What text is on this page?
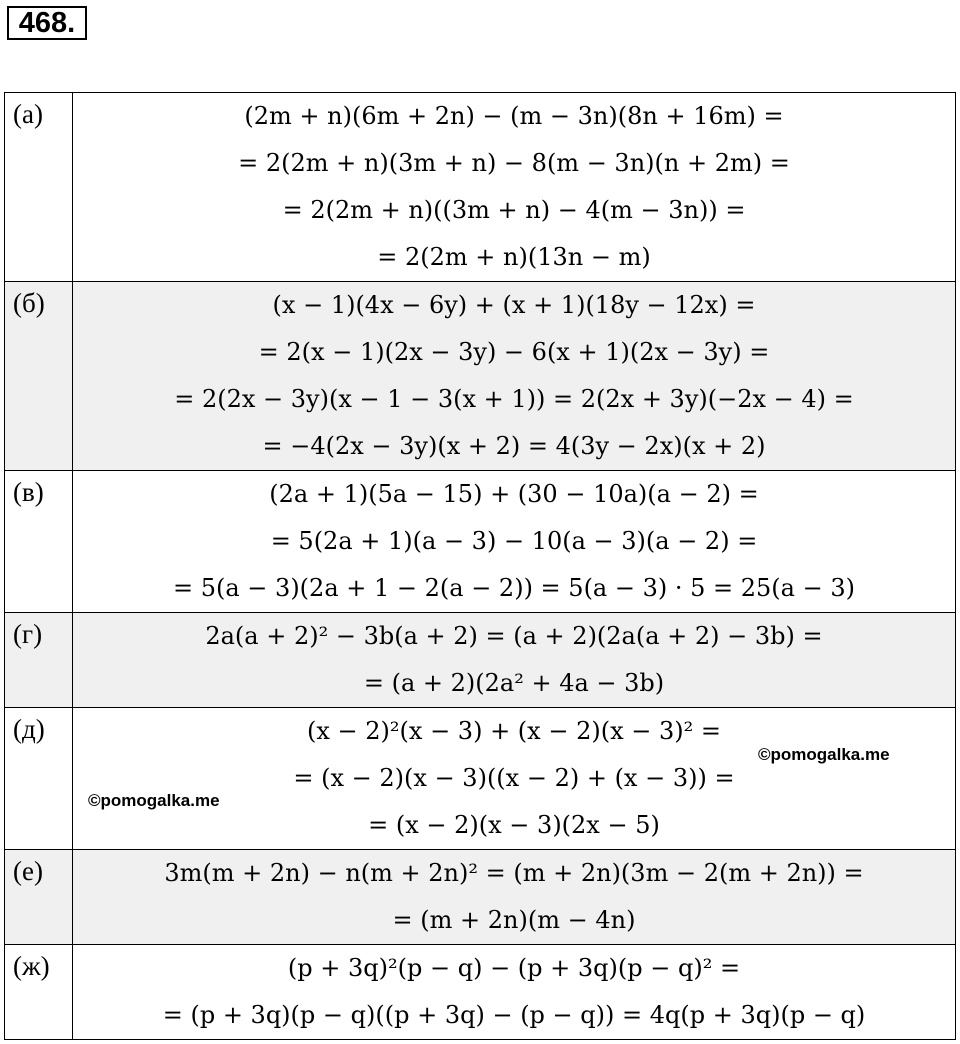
468.
(а)	(2m + n)(6m + 2n) − (m − 3n)(8n + 16m) =
= 2(2m + n)(3m + n) − 8(m − 3n)(n + 2m) =
= 2(2m + n)((3m + n) − 4(m − 3n)) =
= 2(2m + n)(13n − m)

(б)	(x − 1)(4x − 6y) + (x + 1)(18y − 12x) =
= 2(x − 1)(2x − 3y) − 6(x + 1)(2x − 3y) =
= 2(2x − 3y)(x − 1 − 3(x + 1)) = 2(2x + 3y)(−2x − 4) =
= −4(2x − 3y)(x + 2) = 4(3y − 2x)(x + 2)

(в)	(2a + 1)(5a − 15) + (30 − 10a)(a − 2) =
= 5(2a + 1)(a − 3) − 10(a − 3)(a − 2) =
= 5(a − 3)(2a + 1 − 2(a − 2)) = 5(a − 3) · 5 = 25(a − 3)

(г)	2a(a + 2)² − 3b(a + 2) = (a + 2)(2a(a + 2) − 3b) =
= (a + 2)(2a² + 4a − 3b)

(д)	(x − 2)²(x − 3) + (x − 2)(x − 3)² =
= (x − 2)(x − 3)((x − 2) + (x − 3)) =
= (x − 2)(x − 3)(2x − 5)

(е)	3m(m + 2n) − n(m + 2n)² = (m + 2n)(3m − 2(m + 2n)) =
= (m + 2n)(m − 4n)

(ж)	(p + 3q)²(p − q) − (p + 3q)(p − q)² =
= (p + 3q)(p − q)((p + 3q) − (p − q)) = 4q(p + 3q)(p − q)
©pomogalka.me
©pomogalka.me
